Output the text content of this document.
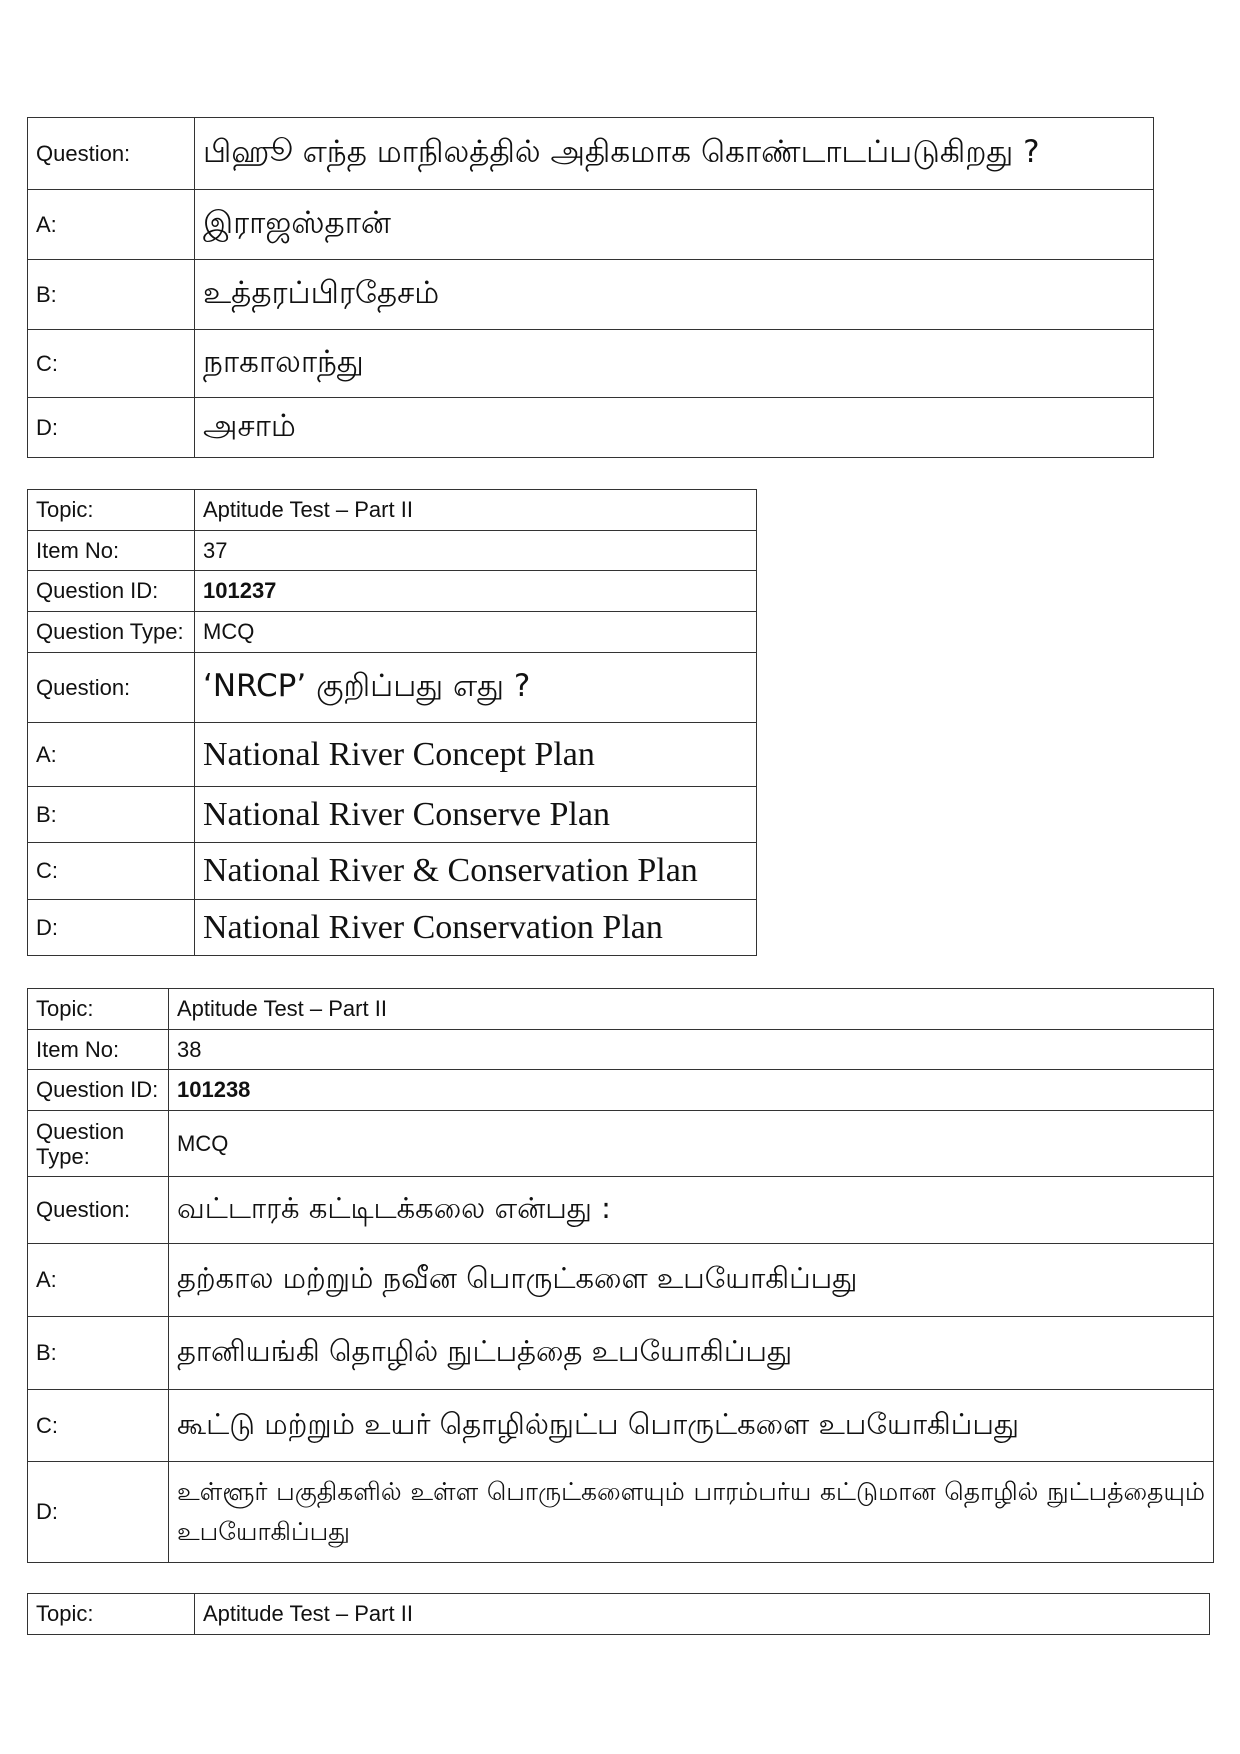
Question:	பிஹூ எந்த மாநிலத்தில் அதிகமாக கொண்டாடப்படுகிறது ?
A:	இராஜஸ்தான்
B:	உத்தரப்பிரதேசம்
C:	நாகாலாந்து
D:	அசாம்
Topic:	Aptitude Test – Part II
Item No:	37
Question ID:	101237
Question Type:	MCQ
Question:	‘NRCP’ குறிப்பது எது ?
A:	National River Concept Plan
B:	National River Conserve Plan
C:	National River & Conservation Plan
D:	National River Conservation Plan
Topic:	Aptitude Test – Part II
Item No:	38
Question ID:	101238
Question Type:	MCQ
Question:	வட்டாரக் கட்டிடக்கலை என்பது :
A:	தற்கால மற்றும் நவீன பொருட்களை உபயோகிப்பது
B:	தானியங்கி தொழில் நுட்பத்தை உபயோகிப்பது
C:	கூட்டு மற்றும் உயர் தொழில்நுட்ப பொருட்களை உபயோகிப்பது
D:	உள்ளூர் பகுதிகளில் உள்ள பொருட்களையும் பாரம்பர்ய கட்டுமான தொழில் நுட்பத்தையும் உபயோகிப்பது
Topic:	Aptitude Test – Part II
